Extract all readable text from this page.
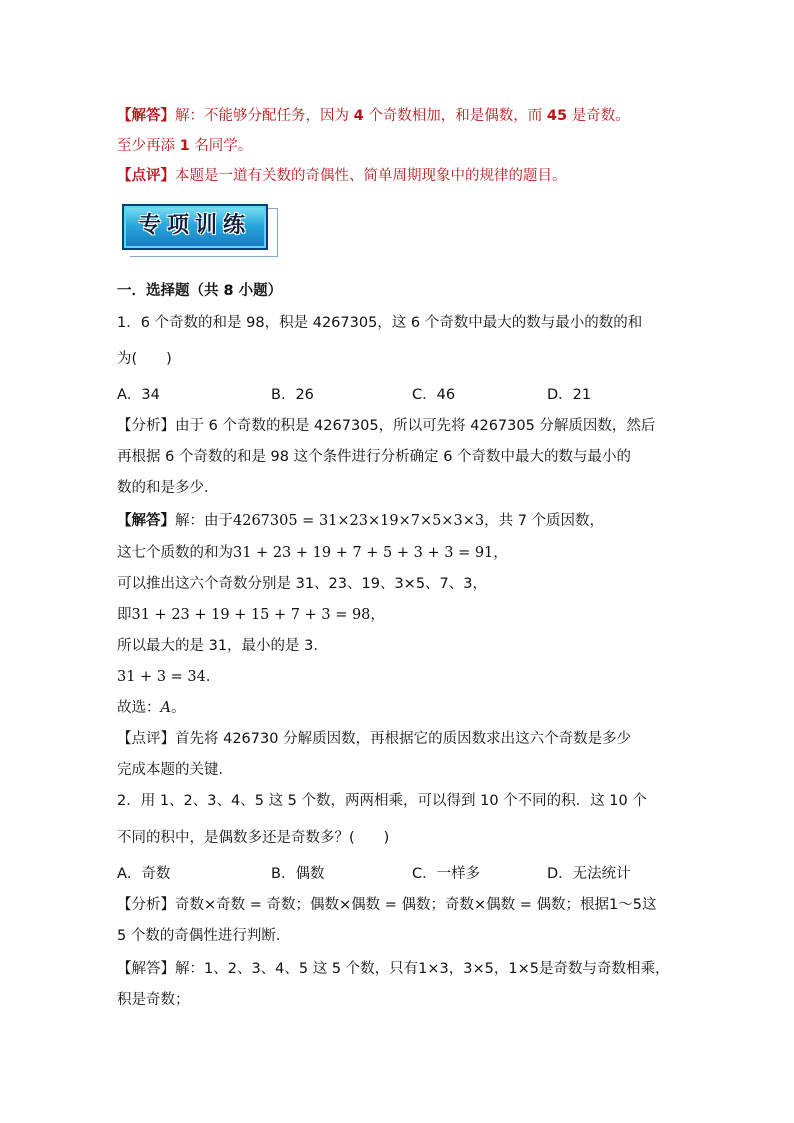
【解答】解：不能够分配任务，因为 4 个奇数相加，和是偶数，而 45 是奇数。
至少再添 1 名同学。
【点评】本题是一道有关数的奇偶性、简单周期现象中的规律的题目。
专项训练
一．选择题（共 8 小题）
1．6 个奇数的和是 98，积是 4267305，这 6 个奇数中最大的数与最小的数的和
为(　　)
A．34	B．26	C．46	D．21
【分析】由于 6 个奇数的积是 4267305，所以可先将 4267305 分解质因数，然后
再根据 6 个奇数的和是 98 这个条件进行分析确定 6 个奇数中最大的数与最小的
数的和是多少．
【解答】解：由于4267305 = 31×23×19×7×5×3×3，共 7 个质因数，
这七个质数的和为31 + 23 + 19 + 7 + 5 + 3 + 3 = 91，
可以推出这六个奇数分别是 31、23、19、3×5、7、3，
即31 + 23 + 19 + 15 + 7 + 3 = 98，
所以最大的是 31，最小的是 3．
31 + 3 = 34．
故选：A。
【点评】首先将 426730 分解质因数，再根据它的质因数求出这六个奇数是多少
完成本题的关键．
2．用 1、2、3、4、5 这 5 个数，两两相乘，可以得到 10 个不同的积．这 10 个
不同的积中，是偶数多还是奇数多？(　　)
A．奇数	B．偶数	C．一样多	D．无法统计
【分析】奇数×奇数 = 奇数；偶数×偶数 = 偶数；奇数×偶数 = 偶数；根据1～5这
5 个数的奇偶性进行判断．
【解答】解：1、2、3、4、5 这 5 个数，只有1×3，3×5，1×5是奇数与奇数相乘，
积是奇数；
